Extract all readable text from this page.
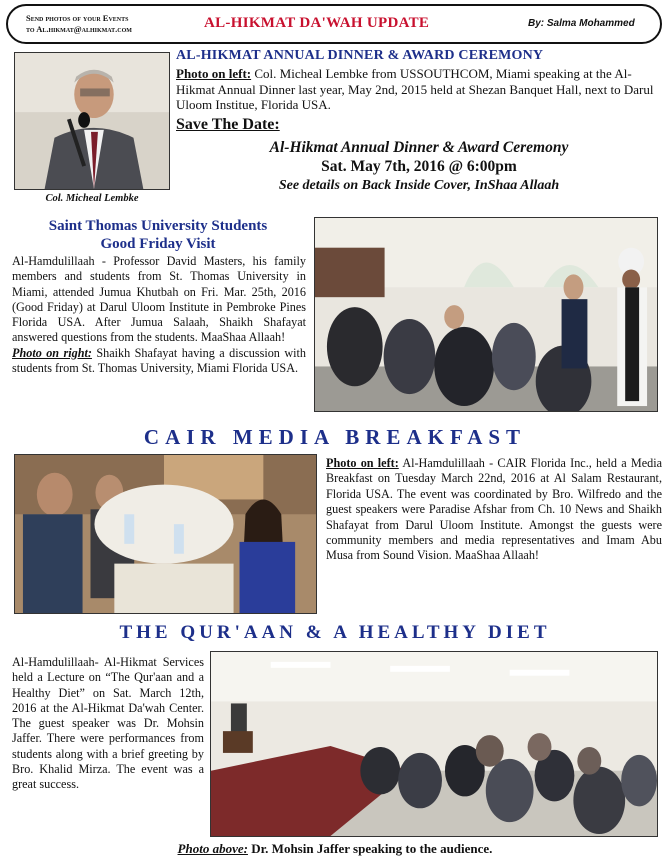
Send photos of your Events
to Al.hikmat@alhikmat.com	AL-HIKMAT DA'WAH UPDATE	By: Salma Mohammed
Col. Micheal Lembke
AL-HIKMAT ANNUAL DINNER & AWARD CEREMONY
Photo on left: Col. Micheal Lembke from USSOUTHCOM, Miami speaking at the Al-Hikmat Annual Dinner last year, May 2nd, 2015 held at Shezan Banquet Hall, next to Darul Uloom Institue, Florida USA.
Save The Date:
Al-Hikmat Annual Dinner & Award Ceremony
Sat. May 7th, 2016 @ 6:00pm
See details on Back Inside Cover, InShaa Allaah
Saint Thomas University Students
Good Friday Visit
Al-Hamdulillaah - Professor David Masters, his family members and students from St. Thomas University in Miami, attended Jumua Khutbah on Fri. Mar. 25th, 2016 (Good Friday) at Darul Uloom Institute in Pembroke Pines Florida USA. After Jumua Salaah, Shaikh Shafayat answered questions from the students. MaaShaa Allaah!
Photo on right: Shaikh Shafayat having a discussion with students from St. Thomas University, Miami Florida USA.
CAIR MEDIA BREAKFAST
Photo on left: Al-Hamdulillaah - CAIR Florida Inc., held a Media Breakfast on Tuesday March 22nd, 2016 at Al Salam Restaurant, Florida USA. The event was coordinated by Bro. Wilfredo and the guest speakers were Paradise Afshar from Ch. 10 News and Shaikh Shafayat from Darul Uloom Institute. Amongst the guests were community members and media representatives and Imam Abu Musa from Sound Vision. MaaShaa Allaah!
THE QUR'AAN & A HEALTHY DIET
Al-Hamdulillaah- Al-Hikmat Services held a Lecture on “The Qur'aan and a Healthy Diet” on Sat. March 12th, 2016 at the Al-Hikmat Da'wah Center. The guest speaker was Dr. Mohsin Jaffer. There were performances from students along with a brief greeting by Bro. Khalid Mirza. The event was a great success.
Photo above: Dr. Mohsin Jaffer speaking to the audience.
